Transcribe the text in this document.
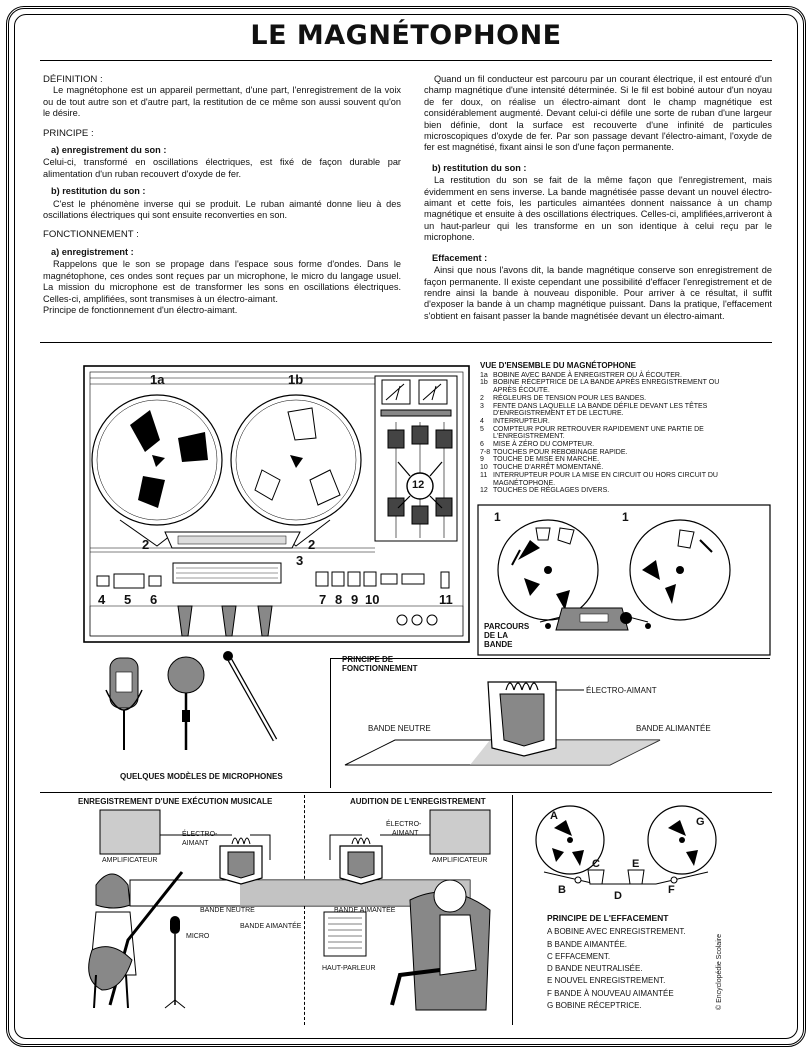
LE MAGNÉTOPHONE
DÉFINITION :

Le magnétophone est un appareil permettant, d'une part, l'enregistrement de la voix ou de tout autre son et d'autre part, la restitution de ce même son aussi souvent qu'on le désire.

PRINCIPE :
a) enregistrement du son :

Celui-ci, transformé en oscillations électriques, est fixé de façon durable par alimentation d'un ruban recouvert d'oxyde de fer.

b) restitution du son :

C'est le phénomène inverse qui se produit. Le ruban aimanté donne lieu à des oscillations électriques qui sont ensuite reconverties en son.

FONCTIONNEMENT :
a) enregistrement :

Rappelons que le son se propage dans l'espace sous forme d'ondes. Dans le magnétophone, ces ondes sont reçues par un microphone, le micro du langage usuel. La mission du microphone est de transformer les sons en oscillations électriques. Celles-ci, amplifiées, sont transmises à un électro-aimant.

Principe de fonctionnement d'un électro-aimant.

Quand un fil conducteur est parcouru par un courant électrique, il est entouré d'un champ magnétique d'une intensité déterminée. Si le fil est bobiné autour d'un noyau de fer doux, on réalise un électro-aimant dont le champ magnétique est considérablement augmenté. Devant celui-ci défile une sorte de ruban d'une largeur bien définie, dont la surface est recouverte d'une infinité de particules microscopiques d'oxyde de fer. Par son passage devant l'électro-aimant, l'oxyde de fer est magnétisé, fixant ainsi le son d'une façon permanente.

b) restitution du son :

La restitution du son se fait de la même façon que l'enregistrement, mais évidemment en sens inverse. La bande magnétisée passe devant un nouvel électro-aimant et cette fois, les particules aimantées donnent naissance à un champ magnétique et ensuite à des oscillations électriques. Celles-ci, amplifiées,arriveront à un haut-parleur qui les transforme en un son identique à celui reçu par le microphone.

Effacement :

Ainsi que nous l'avons dit, la bande magnétique conserve son enregistrement de façon permanente. Il existe cependant une possibilité d'effacer l'enregistrement et de rendre ainsi la bande à nouveau disponible. Pour arriver à ce résultat, il suffit d'exposer la bande à un champ magnétique puissant. Dans la pratique, l'effacement s'obtient en faisant passer la bande magnétisée devant un électro-aimant.

1a	1b
2	2
3
4 5 6	7 8 9 10	11
12
VUE D'ENSEMBLE DU MAGNÉTOPHONE
1a BOBINE AVEC BANDE À ENREGISTRER OU À ÉCOUTER.
1b BOBINE RÉCEPTRICE DE LA BANDE APRÈS ENREGISTREMENT OU APRÈS ÉCOUTE.
2	RÉGLEURS DE TENSION POUR LES BANDES.
3	FENTE DANS LAQUELLE LA BANDE DÉFILE DEVANT LES TÊTES D'ENREGISTREMENT ET DE LECTURE.
4	INTERRUPTEUR.
5	COMPTEUR POUR RETROUVER RAPIDEMENT UNE PARTIE DE L'ENREGISTREMENT.
6	MISE À ZÉRO DU COMPTEUR.
7-8 TOUCHES POUR REBOBINAGE RAPIDE.
9	TOUCHE DE MISE EN MARCHE.
10 TOUCHE D'ARRÊT MOMENTANÉ.
11 INTERRUPTEUR POUR LA MISE EN CIRCUIT OU HORS CIRCUIT DU MAGNÉTOPHONE.
12 TOUCHES DE RÉGLAGES DIVERS.
1	1
PARCOURS
DE LA
BANDE
QUELQUES MODÈLES DE MICROPHONES
PRINCIPE DE
FONCTIONNEMENT
ÉLECTRO-AIMANT
BANDE NEUTRE	BANDE ALIMANTÉE
ENREGISTREMENT D'UNE EXÉCUTION MUSICALE	AUDITION DE L'ENREGISTREMENT
AMPLIFICATEUR
ÉLECTRO-
AIMANT
BANDE NEUTRE
BANDE AIMANTÉE
MICRO
ÉLECTRO-
AIMANT
AMPLIFICATEUR
BANDE AIMANTÉE
HAUT-PARLEUR
A
B
C
D
E
F
G
PRINCIPE DE L'EFFACEMENT
A BOBINE AVEC ENREGISTREMENT.
B BANDE AIMANTÉE.
C EFFACEMENT.
D BANDE NEUTRALISÉE.
E NOUVEL ENREGISTREMENT.
F BANDE À NOUVEAU AIMANTÉE
G BOBINE RÉCEPTRICE.	© Encyclopédie Scolaire
